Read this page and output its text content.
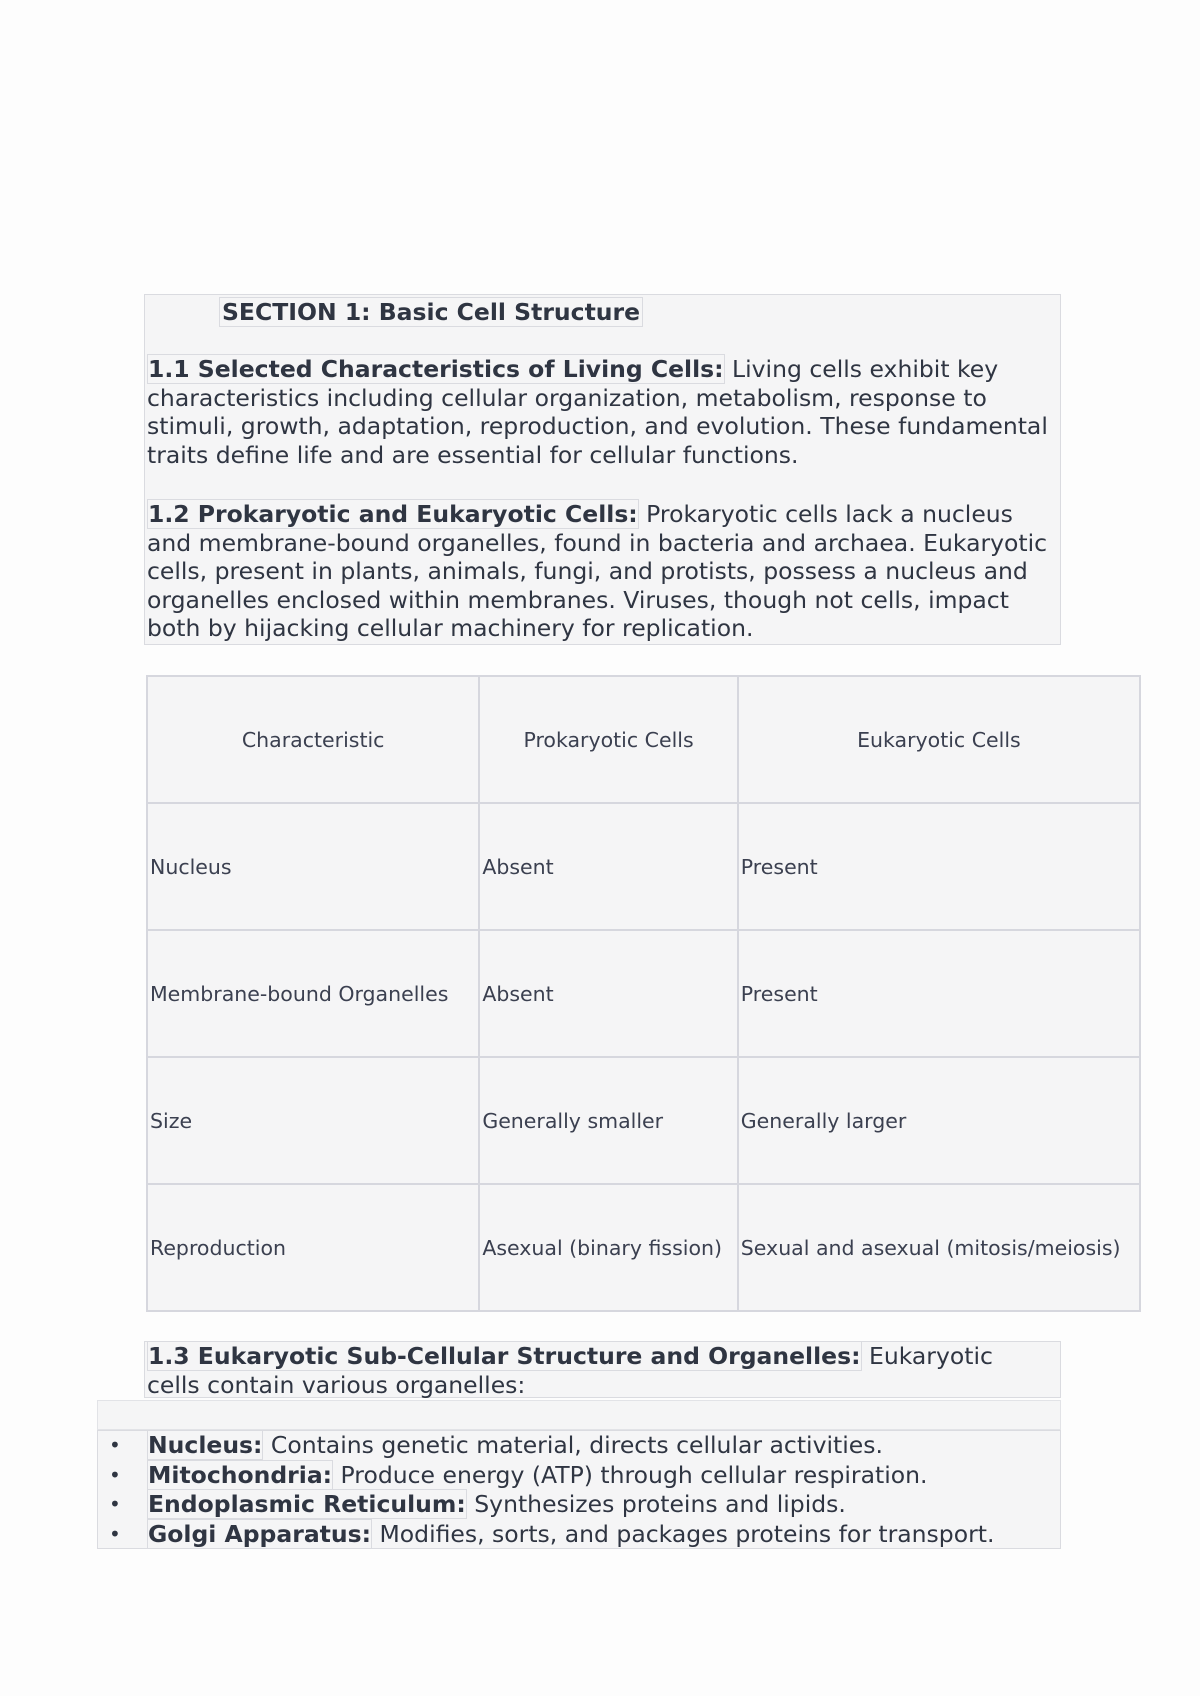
SECTION 1: Basic Cell Structure

1.1 Selected Characteristics of Living Cells: Living cells exhibit key characteristics including cellular organization, metabolism, response to stimuli, growth, adaptation, reproduction, and evolution. These fundamental traits define life and are essential for cellular functions.

1.2 Prokaryotic and Eukaryotic Cells: Prokaryotic cells lack a nucleus and membrane-bound organelles, found in bacteria and archaea. Eukaryotic cells, present in plants, animals, fungi, and protists, possess a nucleus and organelles enclosed within membranes. Viruses, though not cells, impact both by hijacking cellular machinery for replication.

Characteristic	Prokaryotic Cells	Eukaryotic Cells
Nucleus	Absent	Present
Membrane-bound Organelles	Absent	Present
Size	Generally smaller	Generally larger
Reproduction	Asexual (binary fission)	Sexual and asexual (mitosis/meiosis)

1.3 Eukaryotic Sub-Cellular Structure and Organelles: Eukaryotic cells contain various organelles:

• Nucleus: Contains genetic material, directs cellular activities.
• Mitochondria: Produce energy (ATP) through cellular respiration.
• Endoplasmic Reticulum: Synthesizes proteins and lipids.
• Golgi Apparatus: Modifies, sorts, and packages proteins for transport.
